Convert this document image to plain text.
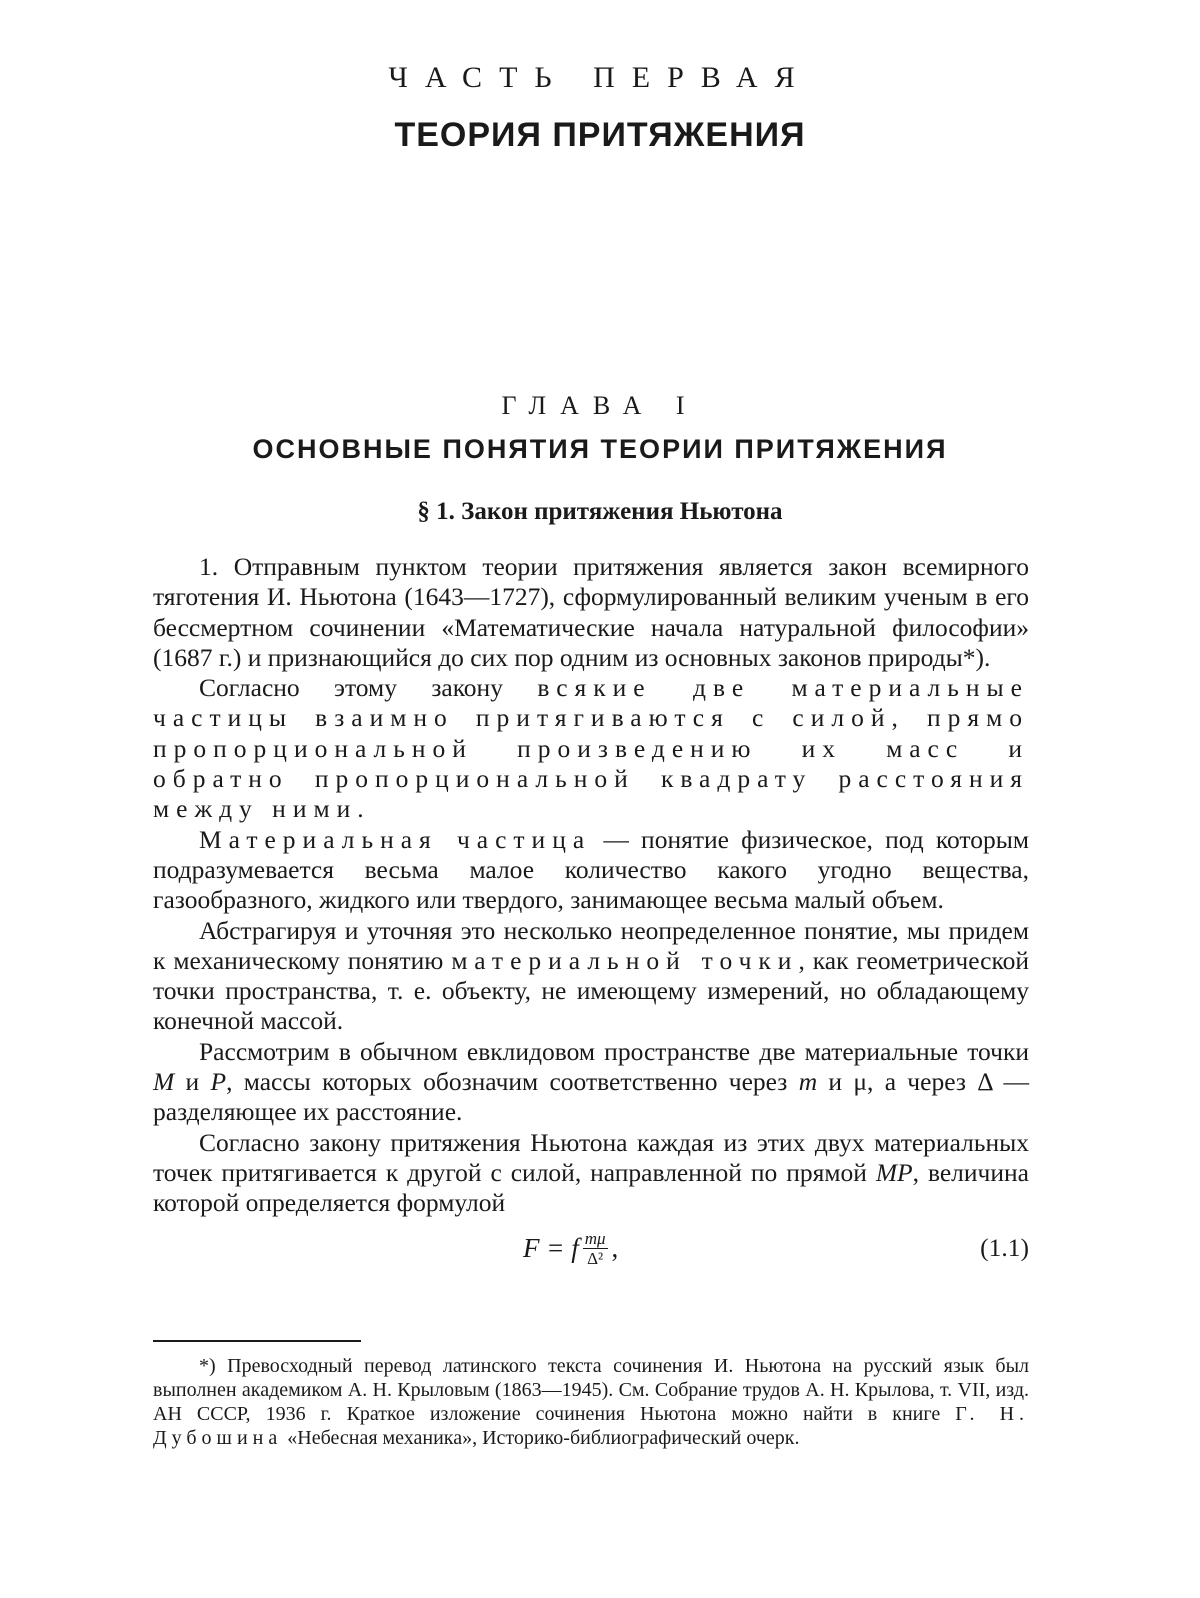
ЧАСТЬ ПЕРВАЯ
ТЕОРИЯ ПРИТЯЖЕНИЯ
ГЛАВА I
ОСНОВНЫЕ ПОНЯТИЯ ТЕОРИИ ПРИТЯЖЕНИЯ
§ 1. Закон притяжения Ньютона

1. Отправным пунктом теории притяжения является закон всемирного тяготения И. Ньютона (1643—1727), сформулированный великим ученым в его бессмертном сочинении «Математические начала натуральной философии» (1687 г.) и признающийся до сих пор одним из основных законов природы*).

Согласно этому закону всякие две материальные частицы взаимно притягиваются с силой, прямо пропорциональной произведению их масс и обратно пропорциональной квадрату расстояния между ними.

Материальная частица — понятие физическое, под которым подразумевается весьма малое количество какого угодно вещества, газообразного, жидкого или твердого, занимающее весьма малый объем.

Абстрагируя и уточняя это несколько неопределенное понятие, мы придем к механическому понятию материальной точки, как геометрической точки пространства, т. е. объекту, не имеющему измерений, но обладающему конечной массой.

Рассмотрим в обычном евклидовом пространстве две материальные точки M и P, массы которых обозначим соответственно через m и μ, а через Δ — разделяющее их расстояние.

Согласно закону притяжения Ньютона каждая из этих двух материальных точек притягивается к другой с силой, направленной по прямой MP, величина которой определяется формулой

F = f $\frac{m\mu}{\text{Δ²}}$ ,	(1.1)

*) Превосходный перевод латинского текста сочинения И. Ньютона на русский язык был выполнен академиком А. Н. Крыловым (1863—1945). См. Собрание трудов А. Н. Крылова, т. VII, изд. АН СССР, 1936 г. Краткое изложение сочинения Ньютона можно найти в книге Г. Н. Дубошина «Небесная механика», Историко-библиографический очерк.
